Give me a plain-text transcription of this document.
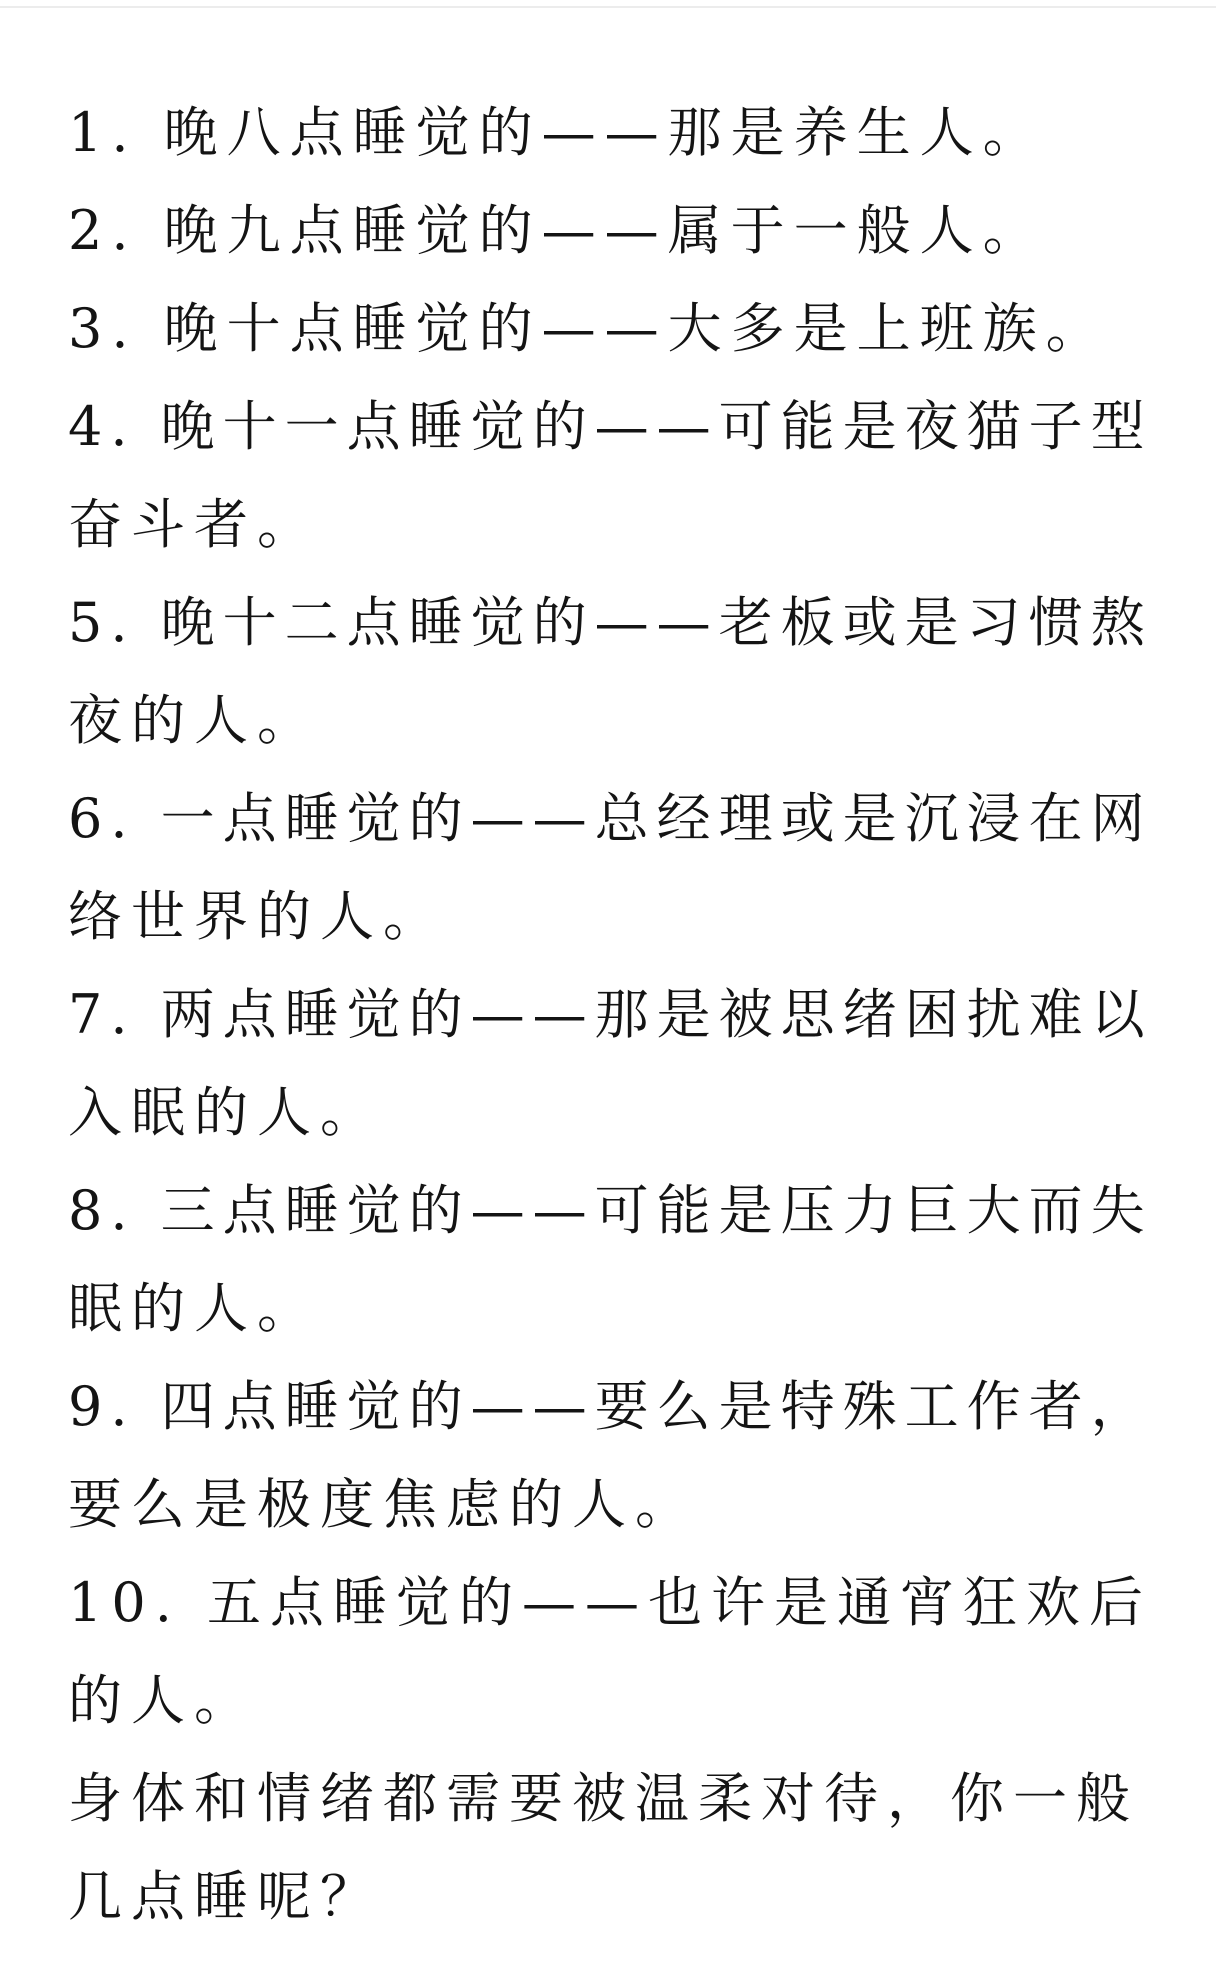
1. 晚八点睡觉的——那是养生人。

2. 晚九点睡觉的——属于一般人。

3. 晚十点睡觉的——大多是上班族。

4. 晚十一点睡觉的——可能是夜猫子型

奋斗者。

5. 晚十二点睡觉的——老板或是习惯熬

夜的人。

6. 一点睡觉的——总经理或是沉浸在网

络世界的人。

7. 两点睡觉的——那是被思绪困扰难以

入眠的人。

8. 三点睡觉的——可能是压力巨大而失

眠的人。

9. 四点睡觉的——要么是特殊工作者，

要么是极度焦虑的人。

10. 五点睡觉的——也许是通宵狂欢后

的人。

身体和情绪都需要被温柔对待，你一般

几点睡呢？
